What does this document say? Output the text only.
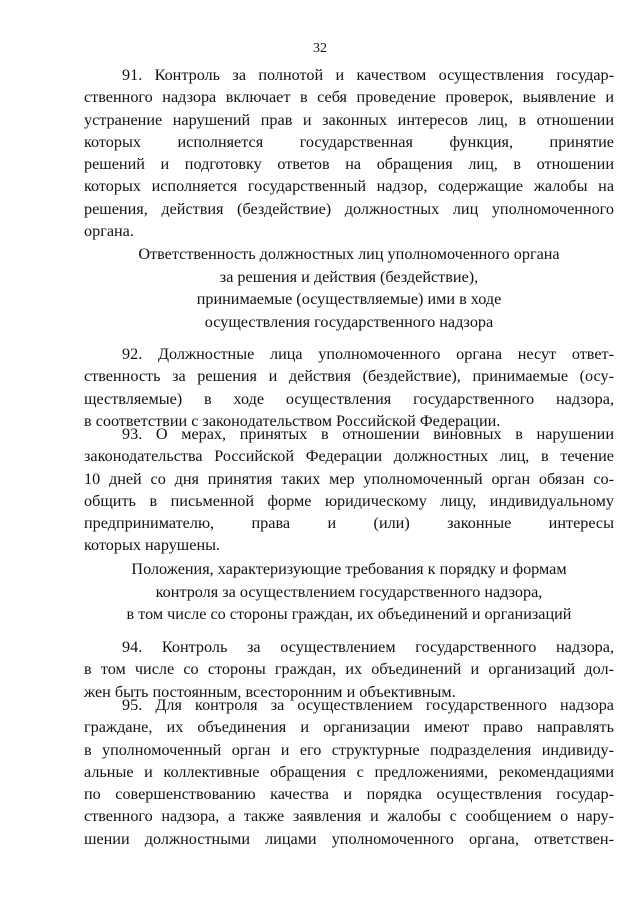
32
91. Контроль за полнотой и качеством осуществления государ-
ственного надзора включает в себя проведение проверок, выявление и
устранение нарушений прав и законных интересов лиц, в отношении
которых исполняется государственная функция, принятие
решений и подготовку ответов на обращения лиц, в отношении
которых исполняется государственный надзор, содержащие жалобы на
решения, действия (бездействие) должностных лиц уполномоченного
органа.
Ответственность должностных лиц уполномоченного органа
за решения и действия (бездействие),
принимаемые (осуществляемые) ими в ходе
осуществления государственного надзора
92. Должностные лица уполномоченного органа несут ответ-
ственность за решения и действия (бездействие), принимаемые (осу-
ществляемые) в ходе осуществления государственного надзора,
в соответствии с законодательством Российской Федерации.
93. О мерах, принятых в отношении виновных в нарушении
законодательства Российской Федерации должностных лиц, в течение
10 дней со дня принятия таких мер уполномоченный орган обязан со-
общить в письменной форме юридическому лицу, индивидуальному
предпринимателю, права и (или) законные интересы
которых нарушены.
Положения, характеризующие требования к порядку и формам
контроля за осуществлением государственного надзора,
в том числе со стороны граждан, их объединений и организаций
94. Контроль за осуществлением государственного надзора,
в том числе со стороны граждан, их объединений и организаций дол-
жен быть постоянным, всесторонним и объективным.
95. Для контроля за осуществлением государственного надзора
граждане, их объединения и организации имеют право направлять
в уполномоченный орган и его структурные подразделения индивиду-
альные и коллективные обращения с предложениями, рекомендациями
по совершенствованию качества и порядка осуществления государ-
ственного надзора, а также заявления и жалобы с сообщением о нару-
шении должностными лицами уполномоченного органа, ответствен-
